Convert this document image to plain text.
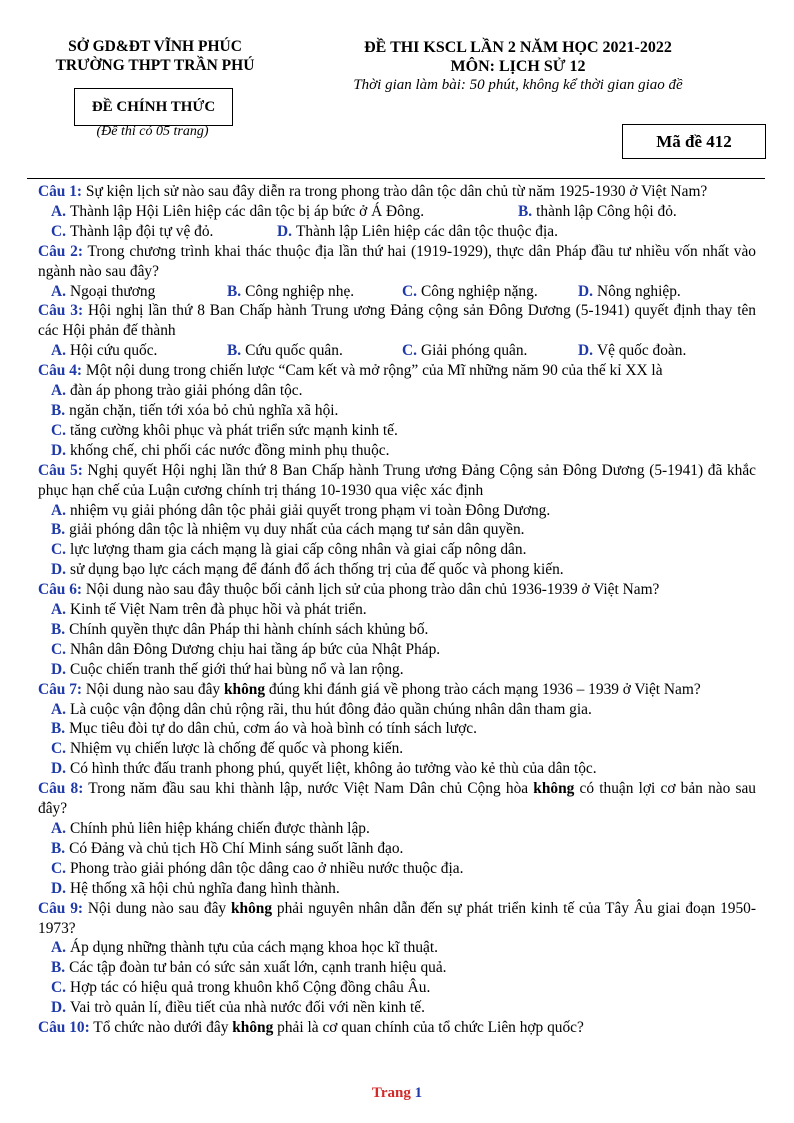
SỞ GD&ĐT VĨNH PHÚC
TRƯỜNG THPT TRẦN PHÚ
ĐỀ CHÍNH THỨC
(Đề thi có 05 trang)
ĐỀ THI KSCL LẦN 2 NĂM HỌC 2021-2022
MÔN: LỊCH SỬ 12
Thời gian làm bài: 50 phút, không kể thời gian giao đề
Mã đề 412
Câu 1: Sự kiện lịch sử nào sau đây diễn ra trong phong trào dân tộc dân chủ từ năm 1925-1930 ở Việt Nam?
A. Thành lập Hội Liên hiệp các dân tộc bị áp bức ở Á Đông.	B. thành lập Công hội đỏ.
C. Thành lập đội tự vệ đỏ.	D. Thành lập Liên hiệp các dân tộc thuộc địa.
Câu 2: Trong chương trình khai thác thuộc địa lần thứ hai (1919-1929), thực dân Pháp đầu tư nhiều vốn nhất vào ngành nào sau đây?
A. Ngoại thương	B. Công nghiệp nhẹ.	C. Công nghiệp nặng.	D. Nông nghiệp.
Câu 3: Hội nghị lần thứ 8 Ban Chấp hành Trung ương Đảng cộng sản Đông Dương (5-1941) quyết định thay tên các Hội phản đế thành
A. Hội cứu quốc.	B. Cứu quốc quân.	C. Giải phóng quân.	D. Vệ quốc đoàn.
Câu 4: Một nội dung trong chiến lược “Cam kết và mở rộng” của Mĩ những năm 90 của thế kỉ XX là
A. đàn áp phong trào giải phóng dân tộc.
B. ngăn chặn, tiến tới xóa bỏ chủ nghĩa xã hội.
C. tăng cường khôi phục và phát triển sức mạnh kinh tế.
D. khống chế, chi phối các nước đồng minh phụ thuộc.
Câu 5: Nghị quyết Hội nghị lần thứ 8 Ban Chấp hành Trung ương Đảng Cộng sản Đông Dương (5-1941) đã khắc phục hạn chế của Luận cương chính trị tháng 10-1930 qua việc xác định
A. nhiệm vụ giải phóng dân tộc phải giải quyết trong phạm vi toàn Đông Dương.
B. giải phóng dân tộc là nhiệm vụ duy nhất của cách mạng tư sản dân quyền.
C. lực lượng tham gia cách mạng là giai cấp công nhân và giai cấp nông dân.
D. sử dụng bạo lực cách mạng để đánh đổ ách thống trị của đế quốc và phong kiến.
Câu 6: Nội dung nào sau đây thuộc bối cảnh lịch sử của phong trào dân chủ 1936-1939 ở Việt Nam?
A. Kinh tế Việt Nam trên đà phục hồi và phát triển.
B. Chính quyền thực dân Pháp thi hành chính sách khủng bố.
C. Nhân dân Đông Dương chịu hai tầng áp bức của Nhật Pháp.
D. Cuộc chiến tranh thế giới thứ hai bùng nổ và lan rộng.
Câu 7: Nội dung nào sau đây không đúng khi đánh giá về phong trào cách mạng 1936 – 1939 ở Việt Nam?
A. Là cuộc vận động dân chủ rộng rãi, thu hút đông đảo quần chúng nhân dân tham gia.
B. Mục tiêu đòi tự do dân chủ, cơm áo và hoà bình có tính sách lược.
C. Nhiệm vụ chiến lược là chống đế quốc và phong kiến.
D. Có hình thức đấu tranh phong phú, quyết liệt, không ảo tưởng vào kẻ thù của dân tộc.
Câu 8: Trong năm đầu sau khi thành lập, nước Việt Nam Dân chủ Cộng hòa không có thuận lợi cơ bản nào sau đây?
A. Chính phủ liên hiệp kháng chiến được thành lập.
B. Có Đảng và chủ tịch Hồ Chí Minh sáng suốt lãnh đạo.
C. Phong trào giải phóng dân tộc dâng cao ở nhiều nước thuộc địa.
D. Hệ thống xã hội chủ nghĩa đang hình thành.
Câu 9: Nội dung nào sau đây không phải nguyên nhân dẫn đến sự phát triển kinh tế của Tây Âu giai đoạn 1950-1973?
A. Áp dụng những thành tựu của cách mạng khoa học kĩ thuật.
B. Các tập đoàn tư bản có sức sản xuất lớn, cạnh tranh hiệu quả.
C. Hợp tác có hiệu quả trong khuôn khổ Cộng đồng châu Âu.
D. Vai trò quản lí, điều tiết của nhà nước đối với nền kinh tế.
Câu 10: Tổ chức nào dưới đây không phải là cơ quan chính của tổ chức Liên hợp quốc?
Trang 1
